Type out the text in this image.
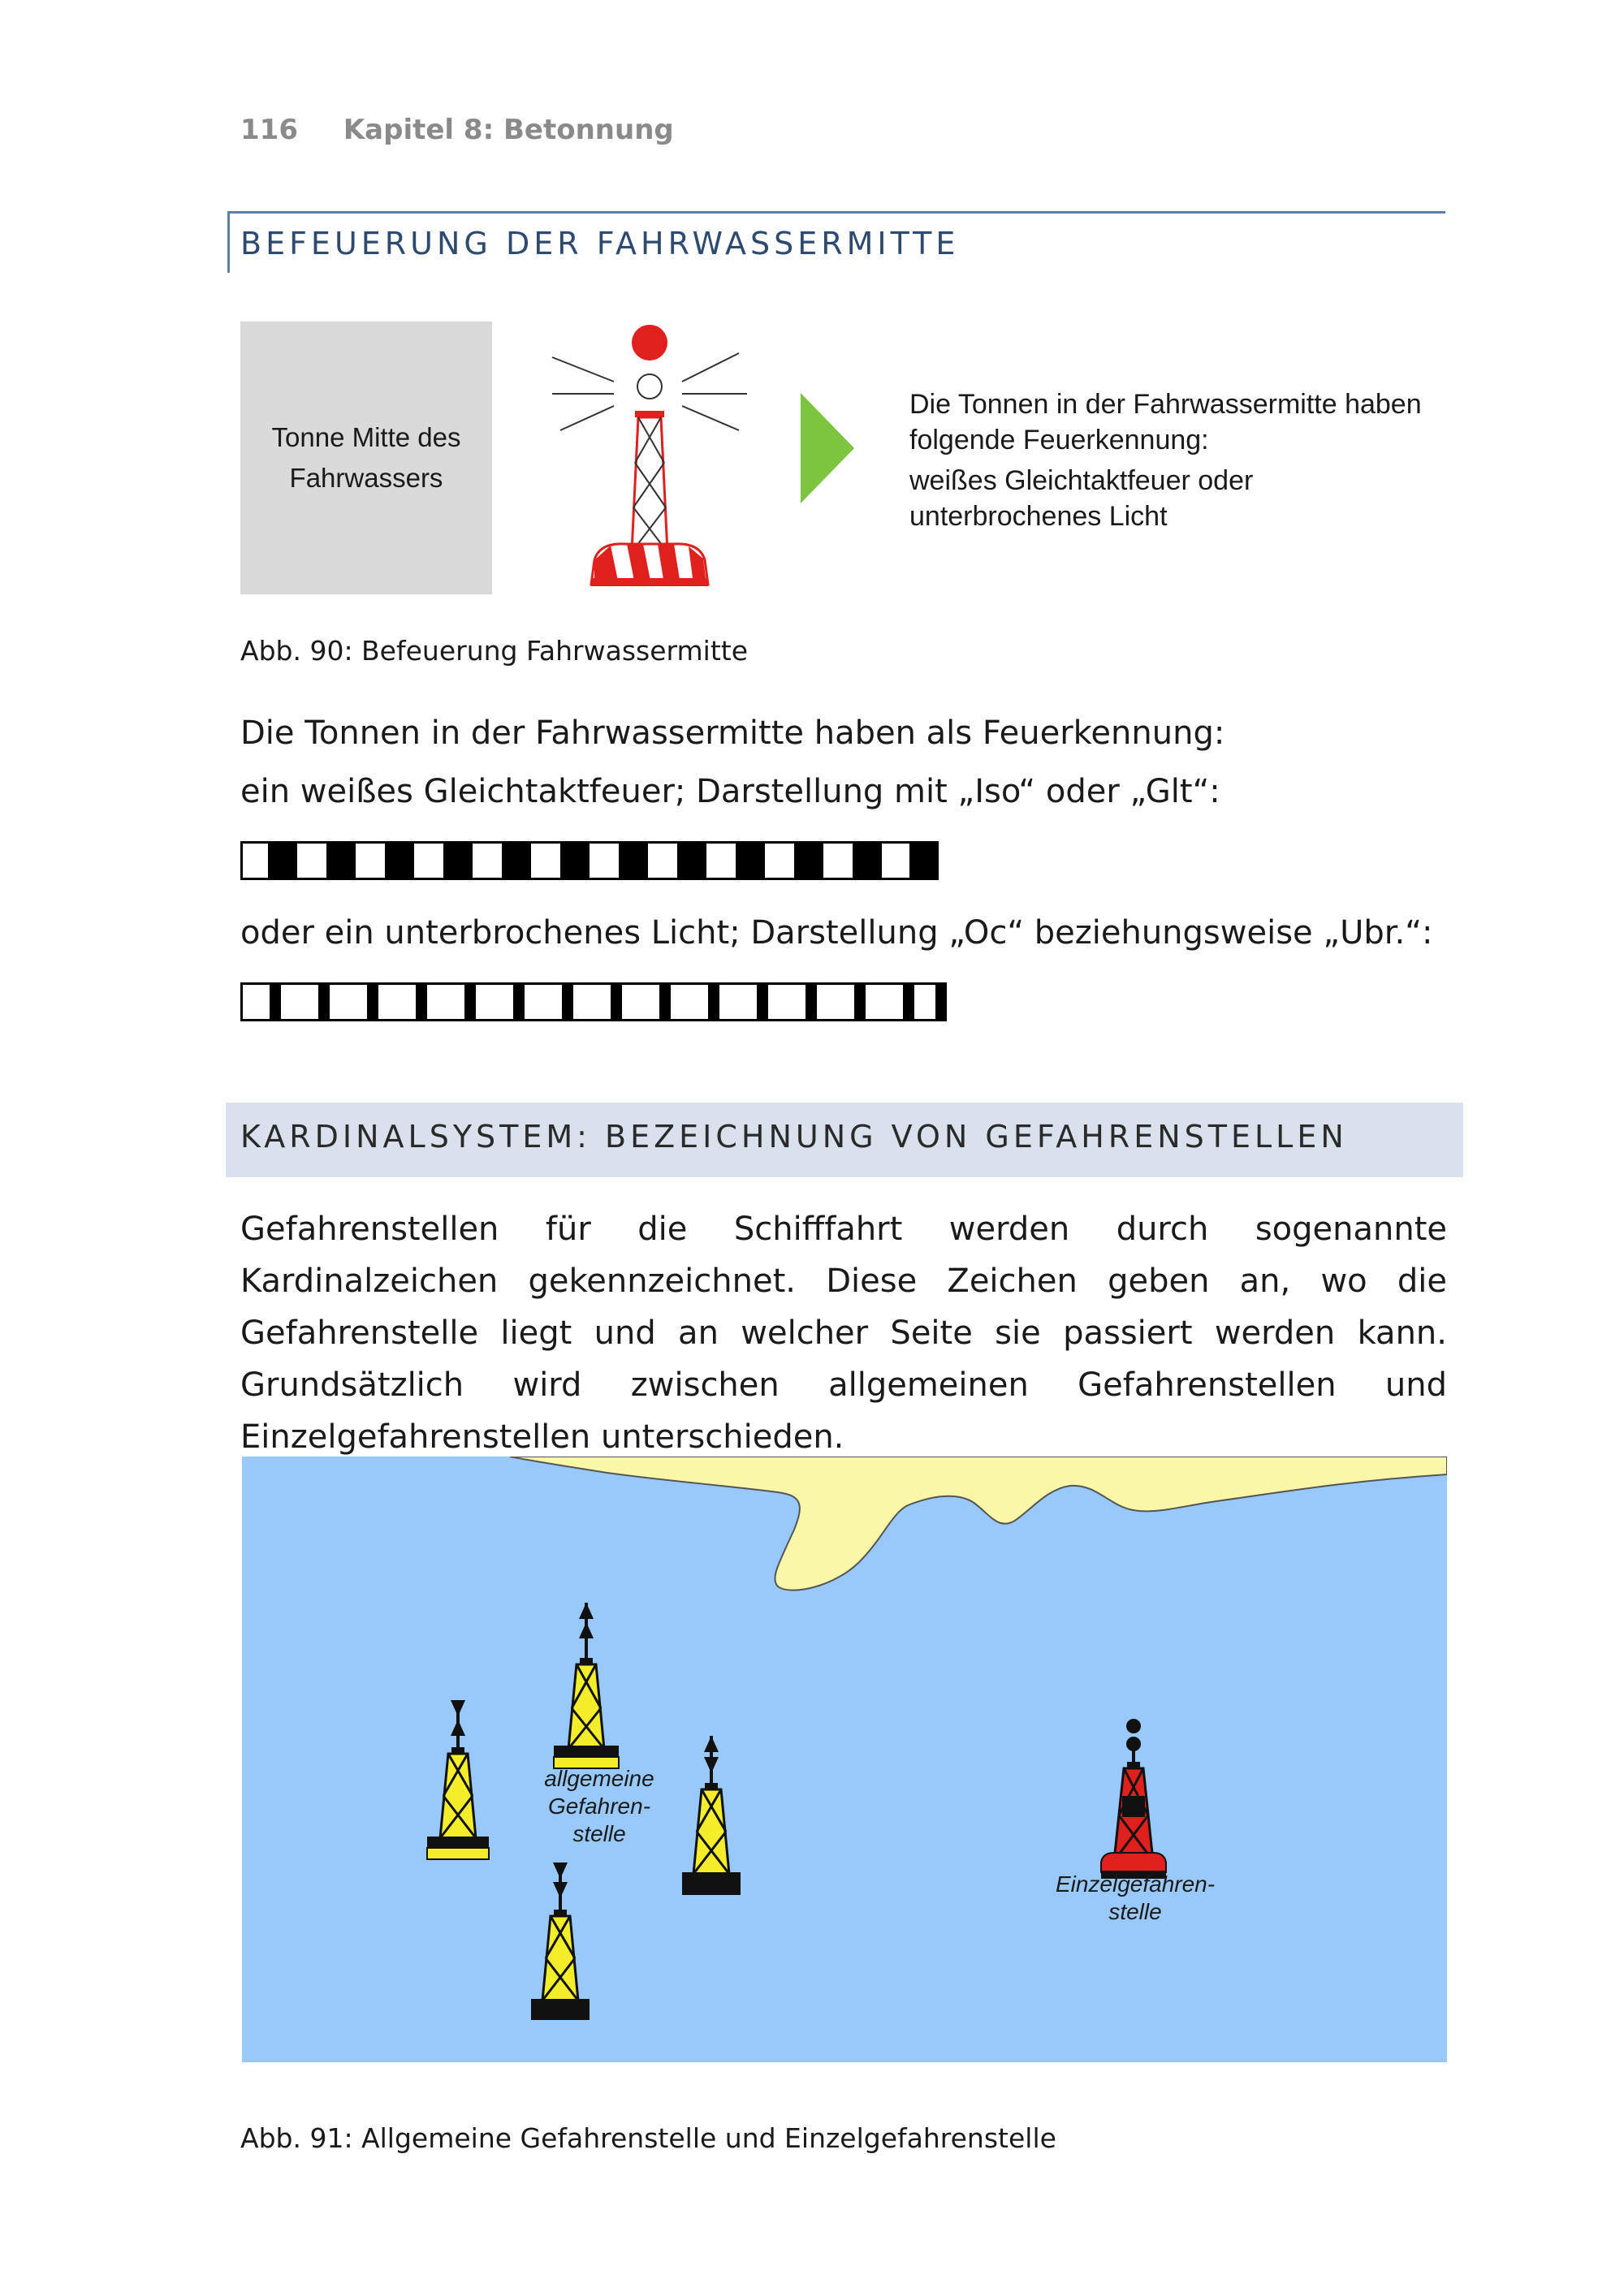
116 Kapitel 8: Betonnung
BEFEUERUNG DER FAHRWASSERMITTE
Tonne Mitte des
Fahrwassers
Die Tonnen in der Fahrwassermitte haben
folgende Feuerkennung:
weißes Gleichtaktfeuer oder
unterbrochenes Licht
Abb. 90: Befeuerung Fahrwassermitte
Die Tonnen in der Fahrwassermitte haben als Feuerkennung:
ein weißes Gleichtaktfeuer; Darstellung mit „Iso“ oder „Glt“:
oder ein unterbrochenes Licht; Darstellung „Oc“ beziehungsweise „Ubr.“:
KARDINALSYSTEM: BEZEICHNUNG VON GEFAHRENSTELLEN
Gefahrenstellen für die Schifffahrt werden durch sogenannte Kardinalzeichen gekennzeichnet. Diese Zeichen geben an, wo die Gefahrenstelle liegt und an welcher Seite sie passiert werden kann. Grundsätzlich wird zwischen allgemeinen Gefahrenstellen und Einzelgefahrenstellen unterschieden.
allgemeine
Gefahren-
stelle
Einzelgefahren-
stelle
Abb. 91: Allgemeine Gefahrenstelle und Einzelgefahrenstelle
